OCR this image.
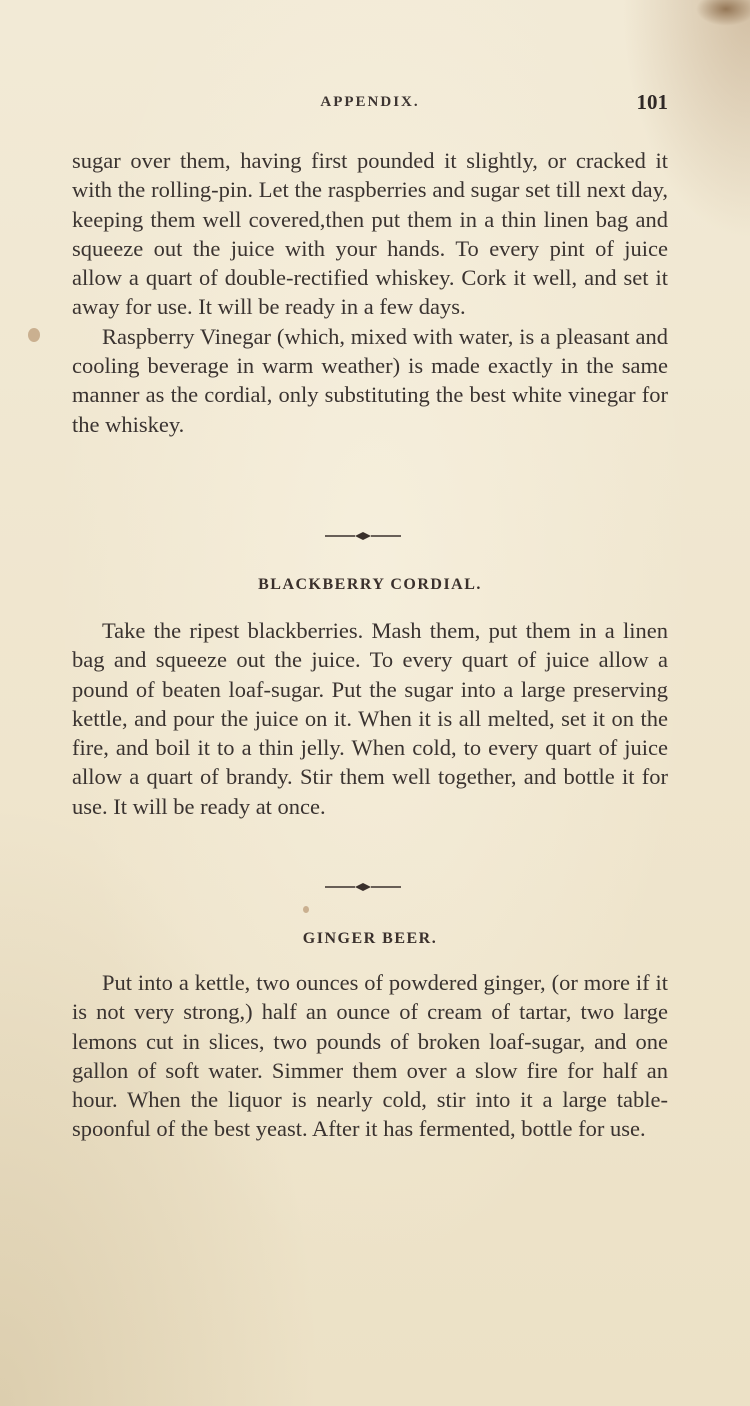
APPENDIX.	101

sugar over them, having first pounded it slightly, or cracked it with the rolling-pin. Let the raspberries and sugar set till next day, keeping them well covered,then put them in a thin linen bag and squeeze out the juice with your hands. To every pint of juice allow a quart of double-rectified whiskey. Cork it well, and set it away for use. It will be ready in a few days.

Raspberry Vinegar (which, mixed with water, is a pleasant and cooling beverage in warm weather) is made exactly in the same manner as the cordial, only substituting the best white vinegar for the whiskey.

BLACKBERRY CORDIAL.
Take the ripest blackberries. Mash them, put them in a linen bag and squeeze out the juice. To every quart of juice allow a pound of beaten loaf-sugar. Put the sugar into a large preserving kettle, and pour the juice on it. When it is all melted, set it on the fire, and boil it to a thin jelly. When cold, to every quart of juice allow a quart of brandy. Stir them well together, and bottle it for use. It will be ready at once.
GINGER BEER.
Put into a kettle, two ounces of powdered ginger, (or more if it is not very strong,) half an ounce of cream of tartar, two large lemons cut in slices, two pounds of broken loaf-sugar, and one gallon of soft water. Simmer them over a slow fire for half an hour. When the liquor is nearly cold, stir into it a large table-spoonful of the best yeast. After it has fermented, bottle for use.
